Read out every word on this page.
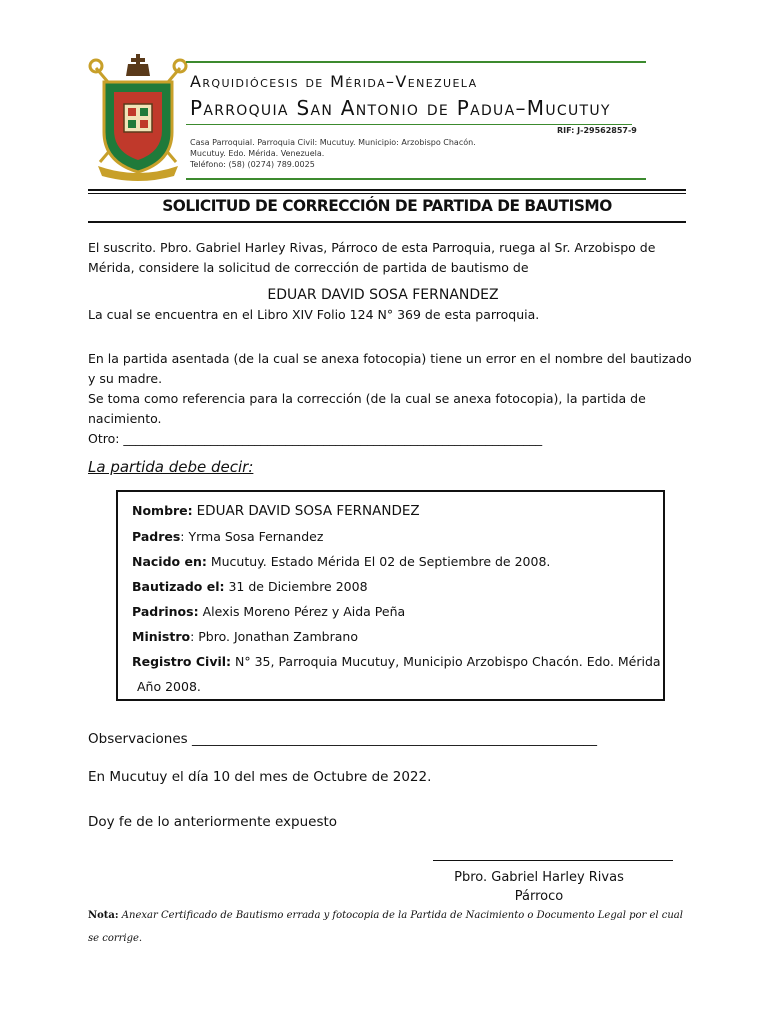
Arquidiócesis de Mérida–Venezuela
Parroquia San Antonio de Padua–Mucutuy
RIF: J-29562857-9
Casa Parroquial. Parroquia Civil: Mucutuy. Municipio: Arzobispo Chacón.
Mucutuy. Edo. Mérida. Venezuela.
Teléfono: (58) (0274) 789.0025
SOLICITUD DE CORRECCIÓN DE PARTIDA DE BAUTISMO
El suscrito. Pbro. Gabriel Harley Rivas, Párroco de esta Parroquia, ruega al Sr. Arzobispo de
Mérida, considere la solicitud de corrección de partida de bautismo de
EDUAR DAVID SOSA FERNANDEZ
La cual se encuentra en el Libro XIV Folio 124 N° 369 de esta parroquia.
En la partida asentada (de la cual se anexa fotocopia) tiene un error en el nombre del bautizado
y su madre.
Se toma como referencia para la corrección (de la cual se anexa fotocopia), la partida de
nacimiento.
Otro: ___________________________________________________________________
La partida debe decir:
Nombre: EDUAR DAVID SOSA FERNANDEZ
Padres: Yrma Sosa Fernandez
Nacido en: Mucutuy. Estado Mérida El 02 de Septiembre de 2008.
Bautizado el: 31 de Diciembre 2008
Padrinos: Alexis Moreno Pérez y Aida Peña
Ministro: Pbro. Jonathan Zambrano
Registro Civil: N° 35, Parroquia Mucutuy, Municipio Arzobispo Chacón. Edo. Mérida
Año 2008.
Observaciones ____________________________________________________________
En Mucutuy el día 10 del mes de Octubre de 2022.
Doy fe de lo anteriormente expuesto
Pbro. Gabriel Harley Rivas
Párroco
Nota: Anexar Certificado de Bautismo errada y fotocopia de la Partida de Nacimiento o Documento Legal por el cual se corrige.
